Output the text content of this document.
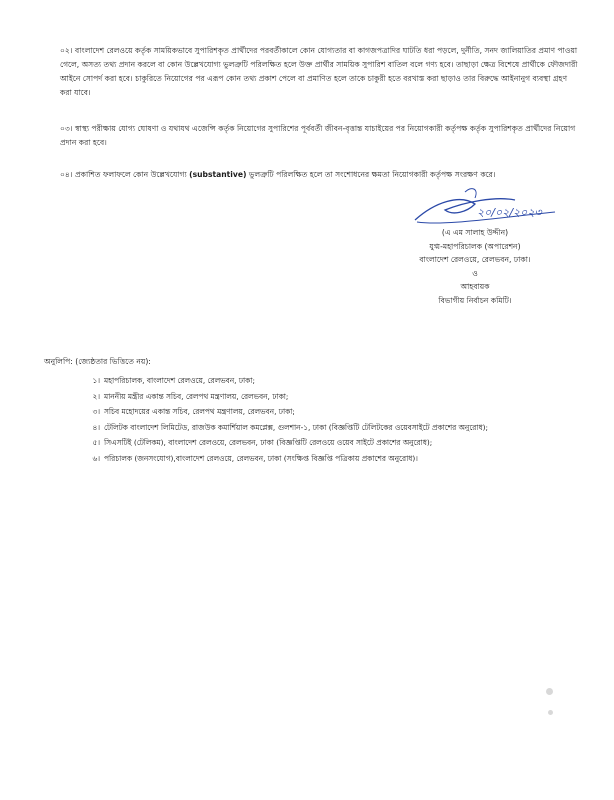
০২। বাংলাদেশ রেলওয়ে কর্তৃক সাময়িকভাবে সুপারিশকৃত প্রার্থীদের পরবর্তীকালে কোন যোগ্যতার বা কাগজপত্রাদির ঘাটতি ধরা পড়লে, দুর্নীতি, সনদ জালিয়াতির প্রমাণ পাওয়া গেলে, অসত্য তথ্য প্রদান করলে বা কোন উল্লেখযোগ্য ভুলত্রুটি পরিলক্ষিত হলে উক্ত প্রার্থীর সাময়িক সুপারিশ বাতিল বলে গণ্য হবে। তাছাড়া ক্ষেত্র বিশেষে প্রার্থীকে ফৌজদারী আইনে সোপর্দ করা হবে। চাকুরিতে নিয়োগের পর এরূপ কোন তথ্য প্রকাশ পেলে বা প্রমাণিত হলে তাকে চাকুরী হতে বরখাস্ত করা ছাড়াও তার বিরুদ্ধে আইনানুগ ব্যবস্থা গ্রহণ করা যাবে।

০৩। স্বাস্থ্য পরীক্ষায় যোগ্য ঘোষণা ও যথাযথ এজেন্সি কর্তৃক নিয়োগের সুপারিশের পূর্ববর্তী জীবন-বৃত্তান্ত যাচাইয়ের পর নিয়োগকারী কর্তৃপক্ষ কর্তৃক সুপারিশকৃত প্রার্থীদের নিয়োগ প্রদান করা হবে।

০৪। প্রকাশিত ফলাফলে কোন উল্লেখযোগ্য (substantive) ভুলত্রুটি পরিলক্ষিত হলে তা সংশোধনের ক্ষমতা নিয়োগকারী কর্তৃপক্ষ সংরক্ষণ করে।

২০/০২/২০২৩
(এ এম সালাহ উদ্দীন)
যুগ্ম-মহাপরিচালক (অপারেশন)
বাংলাদেশ রেলওয়ে, রেলভবন, ঢাকা।
ও
আহবায়ক
বিভাগীয় নির্বাচন কমিটি।
অনুলিপি: (জ্যেষ্ঠতার ভিত্তিতে নয়):
১। মহাপরিচালক, বাংলাদেশ রেলওয়ে, রেলভবন, ঢাকা;
২। মাননীয় মন্ত্রীর একান্ত সচিব, রেলপথ মন্ত্রণালয়, রেলভবন, ঢাকা;
৩। সচিব মহোদয়ের একান্ত সচিব, রেলপথ মন্ত্রণালয়, রেলভবন, ঢাকা;
৪। টেলিটক বাংলাদেশ লিমিটেড, রাজউক কমার্শিয়াল কমপ্লেক্স, গুলশান-১, ঢাকা (বিজ্ঞপ্তিটি টেলিটকের ওয়েবসাইটে প্রকাশের অনুরোধ);
৫। সিএসটিই (টেলিকম), বাংলাদেশ রেলওয়ে, রেলভবন, ঢাকা (বিজ্ঞপ্তিটি রেলওয়ে ওয়েব সাইটে প্রকাশের অনুরোধ);
৬। পরিচালক (জনসংযোগ),বাংলাদেশ রেলওয়ে, রেলভবন, ঢাকা (সংক্ষিপ্ত বিজ্ঞপ্তি পত্রিকায় প্রকাশের অনুরোধ)।
